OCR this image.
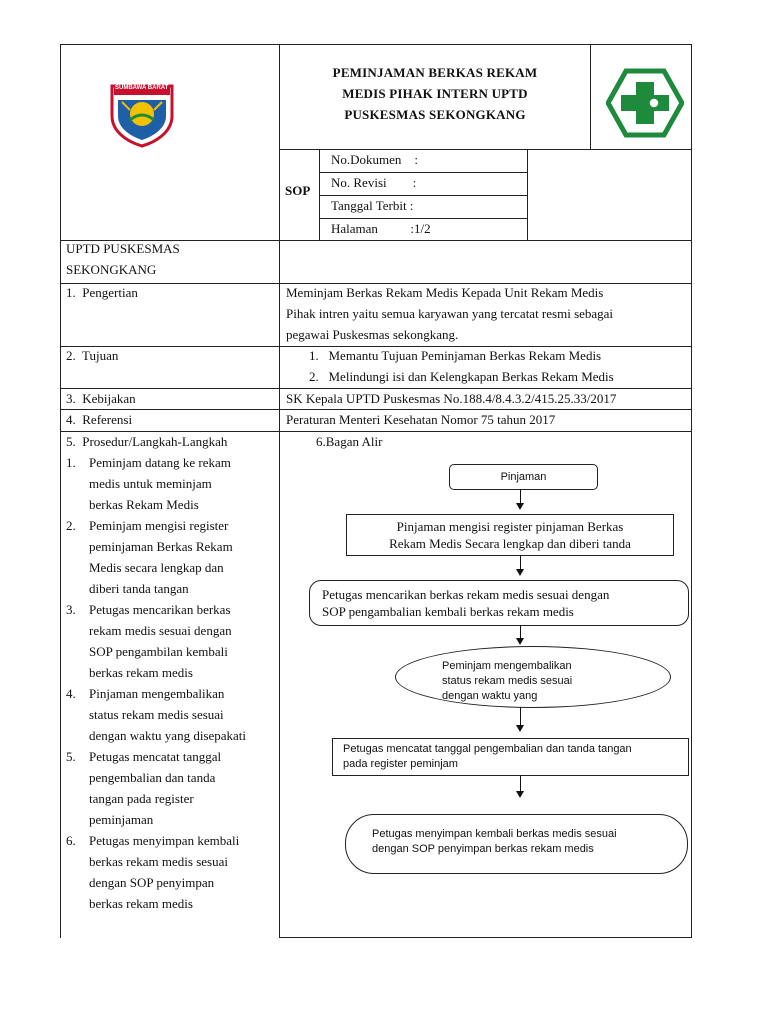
SUMBAWA BARAT
PEMINJAMAN BERKAS REKAM
MEDIS PIHAK INTERN UPTD
PUSKESMAS SEKONGKANG
SOP
No.Dokumen    :
No. Revisi        :
Tanggal Terbit :
Halaman          :1/2
UPTD PUSKESMAS
SEKONGKANG
1.  Pengertian	Meminjam Berkas Rekam Medis Kepada Unit Rekam Medis
Pihak intren yaitu semua karyawan yang tercatat resmi sebagai
pegawai Puskesmas sekongkang.
2.  Tujuan	1.   Memantu Tujuan Peminjaman Berkas Rekam Medis
2.   Melindungi isi dan Kelengkapan Berkas Rekam Medis
3.  Kebijakan	SK Kepala UPTD Puskesmas No.188.4/8.4.3.2/415.25.33/2017
4.  Referensi	Peraturan Menteri Kesehatan Nomor 75 tahun 2017
5.  Prosedur/Langkah-Langkah
1. Peminjam datang ke rekam
medis untuk meminjam
berkas Rekam Medis
2. Peminjam mengisi register
peminjaman Berkas Rekam
Medis secara lengkap dan
diberi tanda tangan
3. Petugas mencarikan berkas
rekam medis sesuai dengan
SOP pengambilan kembali
berkas rekam medis
4. Pinjaman mengembalikan
status rekam medis sesuai
dengan waktu yang disepakati
5. Petugas mencatat tanggal
pengembalian dan tanda
tangan pada register
peminjaman
6. Petugas menyimpan kembali
berkas rekam medis sesuai
dengan SOP penyimpan
berkas rekam medis
6.Bagan Alir
Pinjaman
Pinjaman mengisi register pinjaman Berkas
Rekam Medis Secara lengkap dan diberi tanda
Petugas mencarikan berkas rekam medis sesuai dengan
SOP pengambalian kembali berkas rekam medis
Peminjam mengembalikan
status rekam medis sesuai
dengan waktu yang
Petugas mencatat tanggal pengembalian dan tanda tangan
pada register peminjam
Petugas menyimpan kembali berkas medis sesuai
dengan SOP penyimpan berkas rekam medis
